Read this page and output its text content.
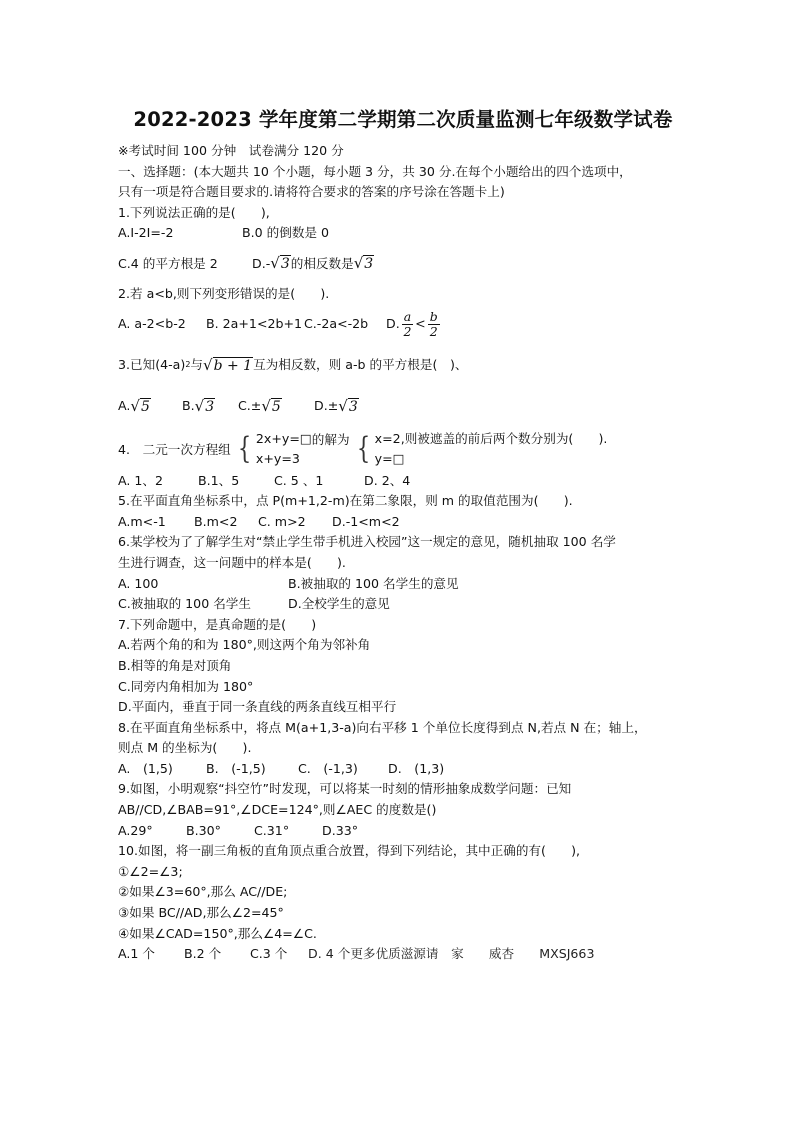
2022-2023 学年度第二学期第二次质量监测七年级数学试卷
※考试时间 100 分钟　试卷满分 120 分
一、选择题：(本大题共 10 个小题，每小题 3 分，共 30 分.在每个小题给出的四个选项中，
只有一项是符合题目要求的.请将符合要求的答案的序号涂在答题卡上)
1.下列说法正确的是(　　),
A.I-2I=-2	B.0 的倒数是 0
C.4 的平方根是 2	D.- √ 3 的相反数是 √ 3
2.若 a<b,则下列变形错误的是(　　).
A. a-2<b-2	B. 2a+1<2b+1 C.-2a<-2b	D. $\frac{a}{2} < \frac{b}{2}$
3.已知(4-a) 2 与 √ b + 1 互为相反数，则 a-b 的平方根是(　)、
A. √ 5	B. √ 3 C.± √ 5	D.± √ 3
4.　二元一次方程组 { 2x+y=□
x+y=3
的解为 { x=2,则被遮盖的前后两个数分别为(　　).
y=□
A. 1、2	B.1、5	C. 5 、1	D. 2、4
5.在平面直角坐标系中，点 P(m+1,2-m)在第二象限，则 m 的取值范围为(　　).
A.m<-1	B.m<2	C. m>2	D.-1<m<2
6.某学校为了了解学生对“禁止学生带手机进入校园”这一规定的意见，随机抽取 100 名学
生进行调查，这一问题中的样本是(　　).
A. 100	B.被抽取的 100 名学生的意见
C.被抽取的 100 名学生	D.全校学生的意见
7.下列命题中，是真命题的是(　　)
A.若两个角的和为 180°,则这两个角为邻补角
B.相等的角是对顶角
C.同旁内角相加为 180°
D.平面内，垂直于同一条直线的两条直线互相平行
8.在平面直角坐标系中，将点 M(a+1,3-a)向右平移 1 个单位长度得到点 N,若点 N 在；轴上，
则点 M 的坐标为(　　).
A.　(1,5)	B.　(-1,5)	C.　(-1,3)	D.　(1,3)
9.如图，小明观察“抖空竹”时发现，可以将某一时刻的情形抽象成数学问题：已知
AB//CD,∠BAB=91°,∠DCE=124°,则∠AEC 的度数是()
A.29°	B.30°	C.31°	D.33°
10.如图，将一副三角板的直角顶点重合放置，得到下列结论，其中正确的有(　　),
①∠2=∠3;
②如果∠3=60°,那么 AC//DE;
③如果 BC//AD,那么∠2=45°
④如果∠CAD=150°,那么∠4=∠C.
A.1 个	B.2 个	C.3 个	D. 4 个更多优质滋源请　家　　威杏　　MXSJ663
